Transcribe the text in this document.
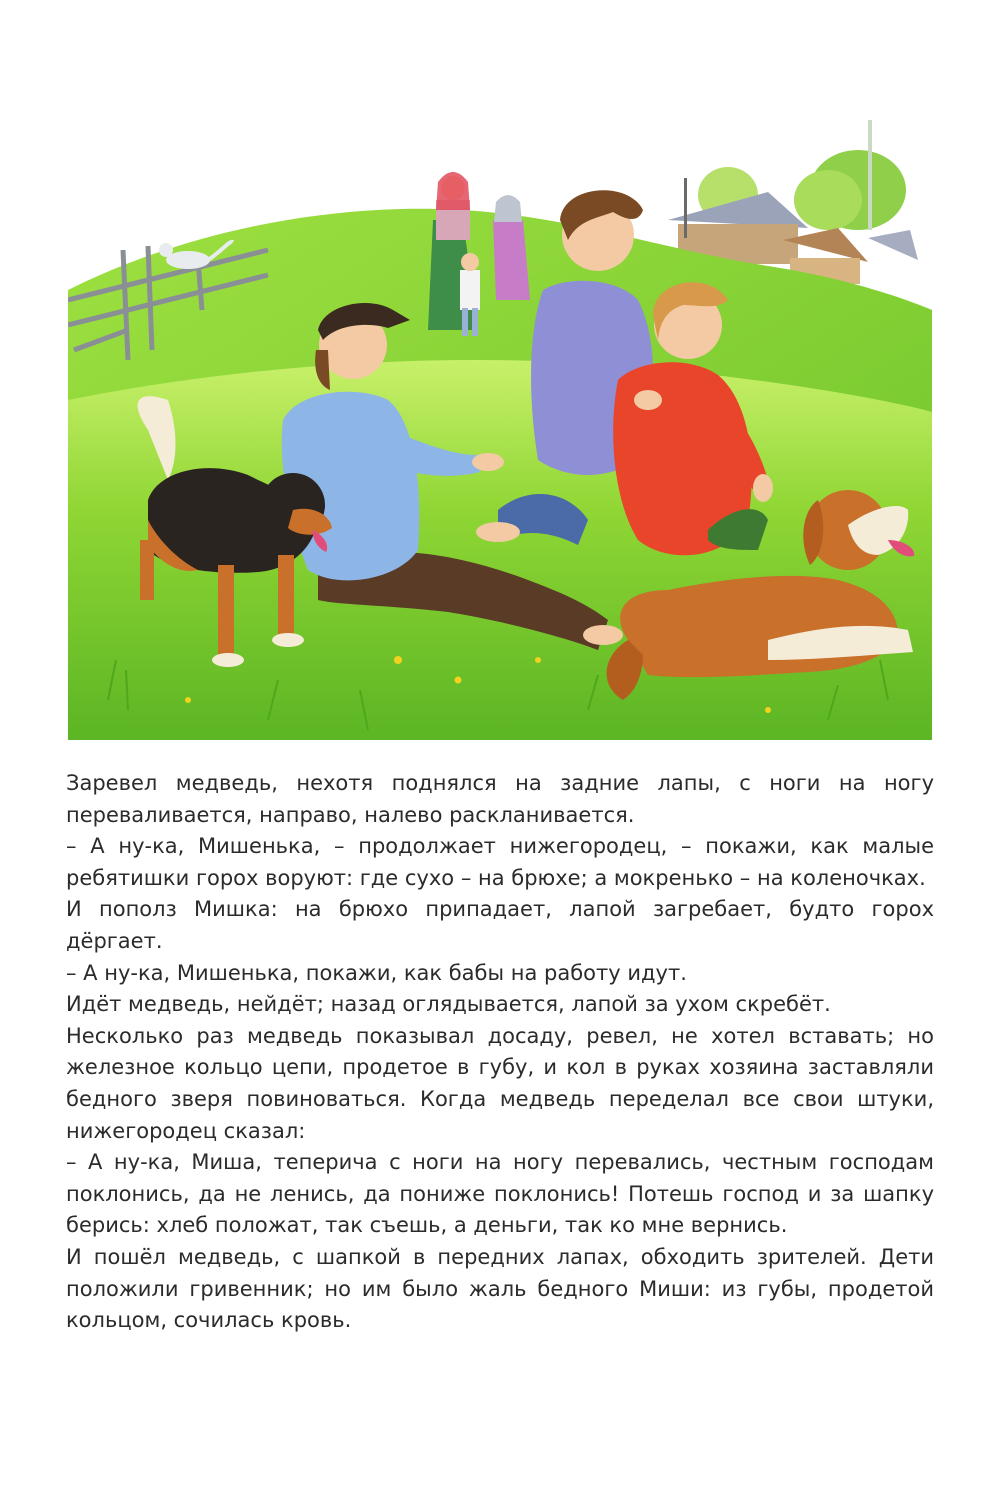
Заревел медведь, нехотя поднялся на задние лапы, с ноги на ногу переваливается, направо, налево раскланивается.

– А ну-ка, Мишенька, – продолжает нижегородец, – покажи, как малые ребятишки горох воруют: где сухо – на брюхе; а мокренько – на коленочках.

И пополз Мишка: на брюхо припадает, лапой загребает, будто горох дёргает.

– А ну-ка, Мишенька, покажи, как бабы на работу идут.

Идёт медведь, нейдёт; назад оглядывается, лапой за ухом скребёт.

Несколько раз медведь показывал досаду, ревел, не хотел вставать; но железное кольцо цепи, продетое в губу, и кол в руках хозяина заставляли бедного зверя повиноваться. Когда медведь переделал все свои штуки, нижегородец сказал:

– А ну-ка, Миша, теперича с ноги на ногу перевались, честным господам поклонись, да не ленись, да пониже поклонись! Потешь господ и за шапку берись: хлеб положат, так съешь, а деньги, так ко мне вернись.

И пошёл медведь, с шапкой в передних лапах, обходить зрителей. Дети положили гривенник; но им было жаль бедного Миши: из губы, продетой кольцом, сочилась кровь.
